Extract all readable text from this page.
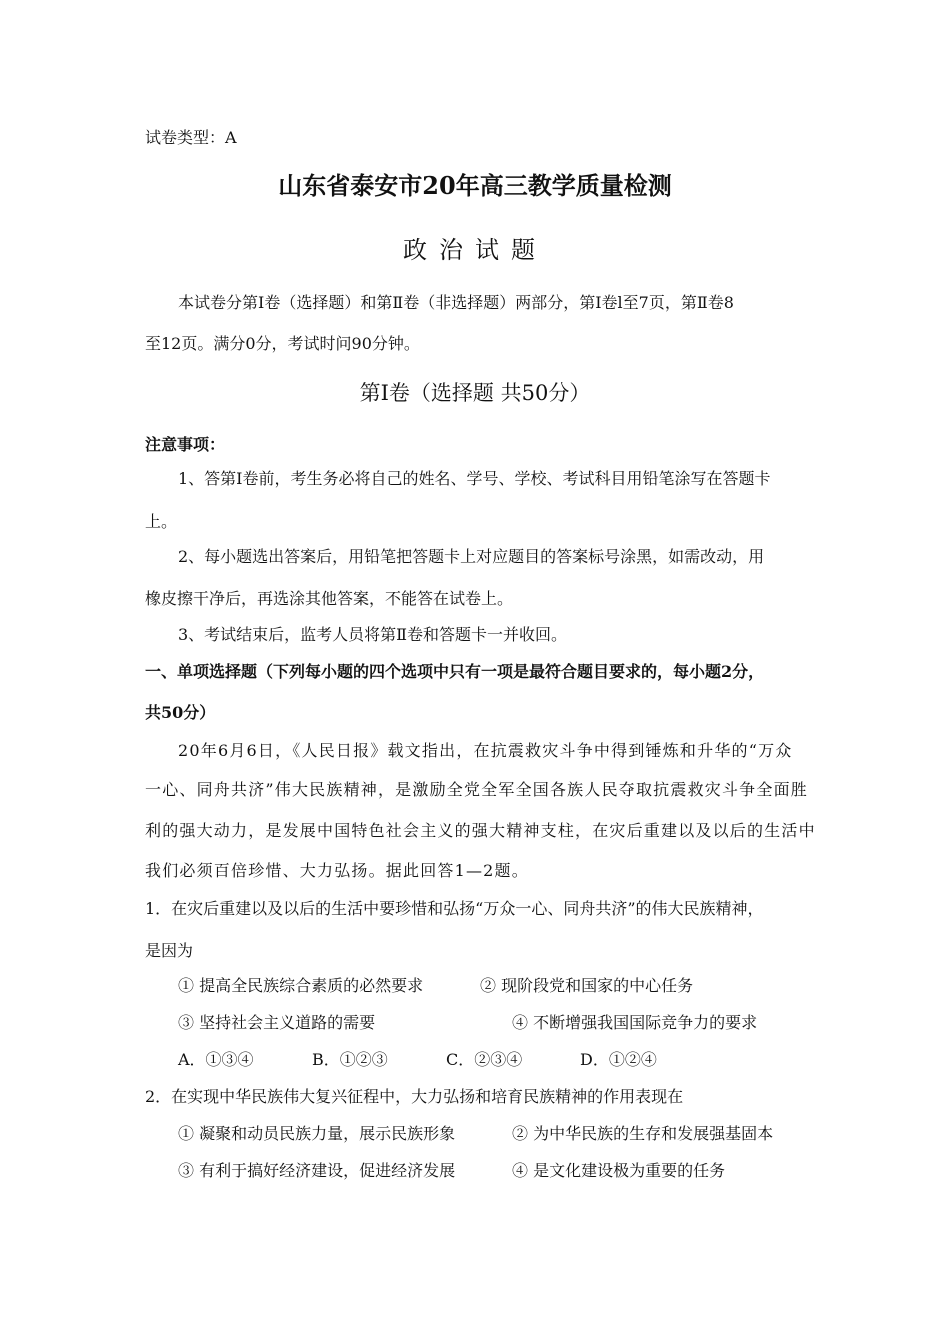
试卷类型：A
山东省泰安市20年高三教学质量检测
政治试题
本试卷分第Ⅰ卷（选择题）和第Ⅱ卷（非选择题）两部分，第Ⅰ卷l至7页，第Ⅱ卷8
至12页。满分0分，考试时问90分钟。
第Ⅰ卷（选择题 共50分）
注意事项：
1、答第Ⅰ卷前，考生务必将自己的姓名、学号、学校、考试科目用铅笔涂写在答题卡
上。
2、每小题选出答案后，用铅笔把答题卡上对应题目的答案标号涂黑，如需改动，用
橡皮擦干净后，再选涂其他答案，不能答在试卷上。
3、考试结束后，监考人员将第Ⅱ卷和答题卡一并收回。
一、单项选择题（下列每小题的四个选项中只有一项是最符合题目要求的，每小题2分，
共50分）
20年6月6日，《人民日报》载文指出，在抗震救灾斗争中得到锤炼和升华的“万众
一心、同舟共济”伟大民族精神，是激励全党全军全国各族人民夺取抗震救灾斗争全面胜
利的强大动力，是发展中国特色社会主义的强大精神支柱，在灾后重建以及以后的生活中
我们必须百倍珍惜、大力弘扬。据此回答1—2题。
1．在灾后重建以及以后的生活中要珍惜和弘扬“万众一心、同舟共济”的伟大民族精神，
是因为
① 提高全民族综合素质的必然要求	② 现阶段党和国家的中心任务
③ 坚持社会主义道路的需要	④ 不断增强我国国际竞争力的要求
A．①③④	B．①②③	C．②③④	D．①②④
2．在实现中华民族伟大复兴征程中，大力弘扬和培育民族精神的作用表现在
① 凝聚和动员民族力量，展示民族形象	② 为中华民族的生存和发展强基固本
③ 有利于搞好经济建设，促进经济发展	④ 是文化建设极为重要的任务
